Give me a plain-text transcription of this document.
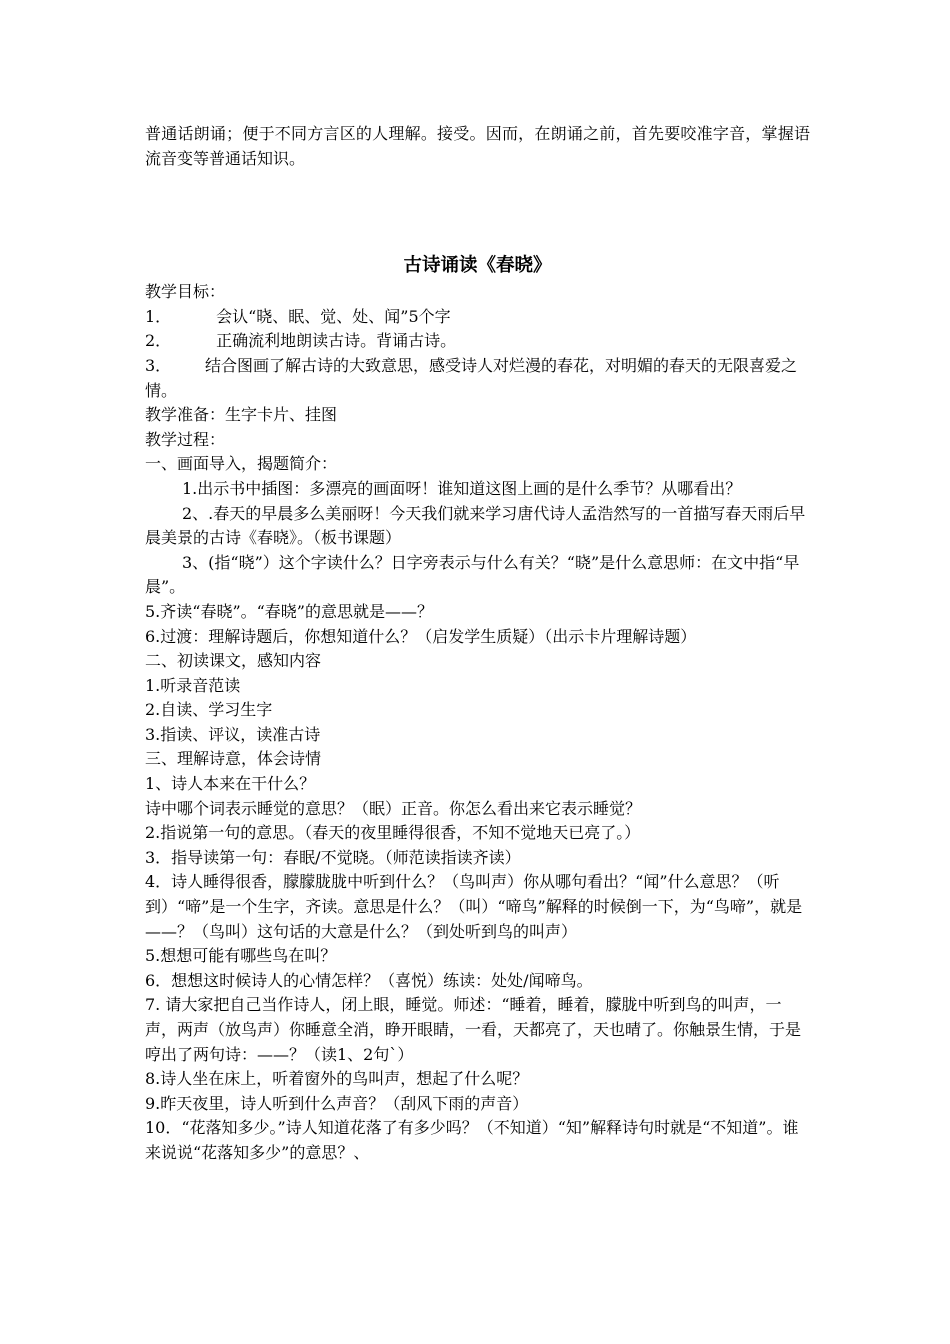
普通话朗诵；便于不同方言区的人理解。接受。因而，在朗诵之前，首先要咬准字音，掌握语流音变等普通话知识。

古诗诵读《春晓》

教学目标：

1． 会认“晓、眠、觉、处、闻”5个字

2． 正确流利地朗读古诗。背诵古诗。

3． 结合图画了解古诗的大致意思，感受诗人对烂漫的春花，对明媚的春天的无限喜爱之情。

教学准备：生字卡片、挂图

教学过程：

一、画面导入，揭题简介：

1.出示书中插图：多漂亮的画面呀！谁知道这图上画的是什么季节？从哪看出？

2、.春天的早晨多么美丽呀！今天我们就来学习唐代诗人孟浩然写的一首描写春天雨后早晨美景的古诗《春晓》。（板书课题）

3、(指“晓”）这个字读什么？日字旁表示与什么有关？“晓”是什么意思师：在文中指“早晨”。

5.齐读“春晓”。“春晓”的意思就是——？

6.过渡：理解诗题后，你想知道什么？（启发学生质疑）（出示卡片理解诗题）

二、初读课文，感知内容

1.听录音范读

2.自读、学习生字

3.指读、评议，读准古诗

三、理解诗意，体会诗情

1、诗人本来在干什么？

诗中哪个词表示睡觉的意思？（眠）正音。你怎么看出来它表示睡觉？

2.指说第一句的意思。（春天的夜里睡得很香，不知不觉地天已亮了。）

3．指导读第一句：春眠/不觉晓。（师范读指读齐读）

4．诗人睡得很香，朦朦胧胧中听到什么？（鸟叫声）你从哪句看出？“闻”什么意思？（听到）“啼”是一个生字，齐读。意思是什么？（叫）“啼鸟”解释的时候倒一下，为“鸟啼”，就是——？（鸟叫）这句话的大意是什么？（到处听到鸟的叫声）

5.想想可能有哪些鸟在叫？

6．想想这时候诗人的心情怎样？（喜悦）练读：处处/闻啼鸟。

7. 请大家把自己当作诗人，闭上眼，睡觉。师述：“睡着，睡着，朦胧中听到鸟的叫声，一声，两声（放鸟声）你睡意全消，睁开眼睛，一看，天都亮了，天也晴了。你触景生情，于是哼出了两句诗：——？（读1、2句`）

8.诗人坐在床上，听着窗外的鸟叫声，想起了什么呢？

9.昨天夜里，诗人听到什么声音？（刮风下雨的声音）

10．“花落知多少。”诗人知道花落了有多少吗？（不知道）“知”解释诗句时就是“不知道”。谁来说说“花落知多少”的意思？、
